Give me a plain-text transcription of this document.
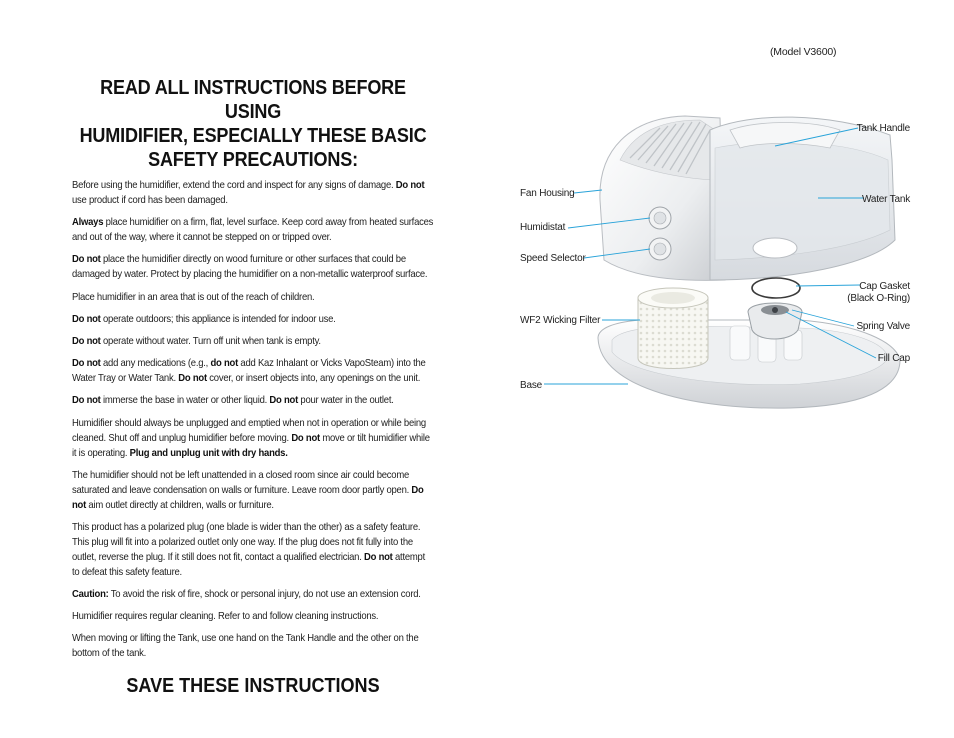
(Model V3600)
READ ALL INSTRUCTIONS BEFORE USING
HUMIDIFIER, ESPECIALLY THESE BASIC
SAFETY PRECAUTIONS:

Before using the humidifier, extend the cord and inspect for any signs of damage. Do not use product if cord has been damaged.

Always place humidifier on a firm, flat, level surface. Keep cord away from heated surfaces and out of the way, where it cannot be stepped on or tripped over.

Do not place the humidifier directly on wood furniture or other surfaces that could be damaged by water. Protect by placing the humidifier on a non-metallic waterproof surface.

Place humidifier in an area that is out of the reach of children.

Do not operate outdoors; this appliance is intended for indoor use.

Do not operate without water. Turn off unit when tank is empty.

Do not add any medications (e.g., do not add Kaz Inhalant or Vicks VapoSteam) into the Water Tray or Water Tank. Do not cover, or insert objects into, any openings on the unit.

Do not immerse the base in water or other liquid. Do not pour water in the outlet.

Humidifier should always be unplugged and emptied when not in operation or while being cleaned. Shut off and unplug humidifier before moving. Do not move or tilt humidifier while it is operating. Plug and unplug unit with dry hands.

The humidifier should not be left unattended in a closed room since air could become saturated and leave condensation on walls or furniture. Leave room door partly open. Do not aim outlet directly at children, walls or furniture.

This product has a polarized plug (one blade is wider than the other) as a safety feature. This plug will fit into a polarized outlet only one way. If the plug does not fit fully into the outlet, reverse the plug. If it still does not fit, contact a qualified electrician. Do not attempt to defeat this safety feature.

Caution: To avoid the risk of fire, shock or personal injury, do not use an extension cord.

Humidifier requires regular cleaning. Refer to and follow cleaning instructions.

When moving or lifting the Tank, use one hand on the Tank Handle and the other on the bottom of the tank.

SAVE THESE INSTRUCTIONS
Tank Handle
Fan Housing
Water Tank
Humidistat
Speed Selector
Cap Gasket
(Black O-Ring)
WF2 Wicking Filter
Spring Valve
Fill Cap
Base
